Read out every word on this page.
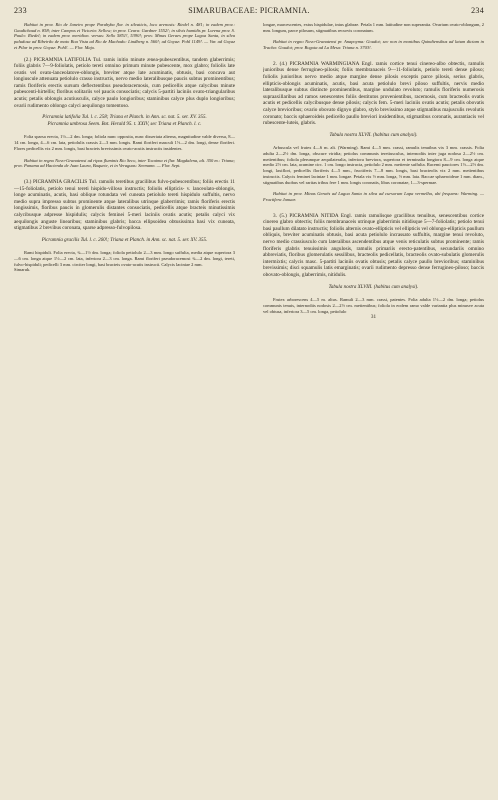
233	SIMARUBACEAE: PICRAMNIA.	234

Habitat in prov. Rio de Janeiro prope Parahyba flor. in silvaticis, loco arenosis: Riedel n. 481; in eadem prov.: Gaudichaud n. 858; inter Campos et Victoria: Sellow; in prov. Ceara: Gardner 1552!; in silvis humidis pr. Lorena prov. S. Paulo: Riedel; in eadem prov. meridion. versus: Sello 5851!, 5390!; prov. Minas Geraes prope Lagoa Santa, in silva paludosa ad Ribeirão de mato Boa Vista ad Rio de Machado: Lindberg n. 560!; ad Goyaz: Pohl 1149!. — Var. ad Goyaz et Pilar in prov. Goyaz: Pohl!. — Flor. Majo.

(2.) PICRAMNIA LATIFOLIA Tul. ramis initio minute ænea-pubescentibus, tandem glaberrimis; foliis glabris 7—9-foliolatis, petiolo tereti omnino primum minute pubescente, mox glabro; foliolis late ovatis vel ovato-lanceolatove-oblongis, breviter atque late acuminatis, obtusis, basi concava aut longiuscule attenuata petiolulo crasso instructis, nervo medio lateralibusque paucis subtus prominentibus; ramis floriferis erectis sursum deflectentibus pseudoracemosis, cum pedicellis atque calycibus minute pubescenti-hirtellis; floribus solitariis vel paucis consociatis; calycis 5-partiti laciniis ovato-triangularibus acutis; petalis oblongis acutiusculis, calyce paulo longioribus; staminibus calyce plus duplo longioribus; ovarii rudimento oblongo calyci aequilongo tomentoso.

Picramnia latifolia Tul. l. c. 258; Triana et Planch. in Ann. sc. nat. 5. ser. XV. 355.

Picramnia umbrosa Seem. Bot. Herald 95. t. XXIV, sec Triana et Planch. l. c.

Folia sparsa erecta, 1½—2 dm. longa; foliola nunc opposita, nunc disseriata alterna, magnitudine valde diversa, 8—14 cm. longa, 4—6 cm. lata, petiolulis crassis 2—3 mm. longis. Rami floriferi masculi 1½—2 dm. longi, dense floriferi. Flores pedicellis vix 2 mm. longis, basi bracteis brevissimis ovato-acutis instructis insidentes.

Habitat in regno Novo-Granatensi ad ripas fluminis Rio Seco, inter Tocaima et flur. Magdalena, alt. 350 m.: Triana; prov. Panama ad Hacienda de Juan Laura, Baquete, et in Veraguas: Seemann. — Flor. Sept.

(3.) PICRAMNIA GRACILIS Tul. ramulis teretibus gracilibus fulvo-pubescentibus; foliis erectis 11—15-foliolatis, petiolo tenui tereti hispido-villoso instructis; foliolis ellipticis- v. lanceolato-oblongis, longe acuminatis, acutis, basi oblique rotundata vel cuneata petiolulo tereti hispidulo suffultis, nervo medio supra impresso subtus prominente atque lateralibus utrinque glaberrimis; ramis floriferis erectis longissimis, floribus paucis in glomerulis distantes consociatis, pedicellis atque bracteis minutissimis calycibusque adpresse hispidulis; calycis feminei 5-meri laciniis ovatis acutis; petalis calyci vix aequilongis anguste linearibus; staminibus glabris; bacca ellipsoidea obtusissima basi vix cuneata, stigmatibus 2 brevibus coronata, sparse adpresso-fulvopilosa.

Picramnia gracilis Tul. l. c. 260!; Triana et Planch. in Ann. sc. nat. 5. ser. XV. 355.

Rami hispiduli. Folia erecta, ¾—1½ dm. longa; foliola petiolulo 2—3 mm. longo suffulta, media atque superiora 3—6 cm. longa atque 1½—2 cm. lata, inferiora 2—3 cm. longa. Rami floriferi pseudoracemosi ¾—2 dm. longi, tereti, fulvo-hispiduli; pedicelli 3 mm. circiter longi, basi bracteis ovato-acutis instructi. Calycis laciniae 2 mm.

Simaruk.

longae, marcescentes, extus hispidulae, intus glabrae. Petala 1 mm. latitudine non superantia. Ovarium ovato-oblongum, 2 mm. longum, parce pilosum, stigmatibus recurvis coronatum.

Habitat in regno Novo-Granatensi pr. Anapoyma: Goudot; sec non in montibus Quindiensibus ad latum dictam in Tracha: Goudot; prov. Bogota ad La Mesa: Triana n. 3703!.

2. (4.) PICRAMNIA WARMINGIANA Engl. ramis cortice tenui cinereo-albo obtectis, ramulis junioribus dense ferrugineo-pilosis; foliis membranaceis 9—11-foliolatis, petiolo tereti dense piloso; foliolis junioribus nervo medio atque margine dense pilosis exceptis parce pilosis, serius glabris, ellipticis-oblongis acuminatis, acutis, basi acuta petiolulo brevi piloso suffultis, nervis medio lateralibusque subtus distincte prominentibus, margine undulato revoluto; ramulis floriferis numerosis supraaxillaribus ad ramos senescentes foliis destitutos provenientibus, racemosis, cum bracteolis ovatis acutis et pedicellis calycibusque dense pilosis; calycis fem. 5-meri laciniis ovatis acutis; petalis obovatis calyce brevioribus; ovario obovato dignyo glabro, stylo brevissimo atque stigmatibus majusculis revolutis coronato; baccis sphaeroideis pedicello paullo breviori insidentibus, stigmatibus coronatis, aurantiacis vel rubescente-luteis, glabris.

Tabula nostra XLVII. (habitus cum analysi).

Arbuscula vel frutex 4—6 m. alt. (Warming). Rami 4—5 mm. crassi, ramulis tenuibus vix 3 mm. crassis. Folia adulta 2—2½ dm. longa, obscure viridia; petiolus communis teretiusculus, internodiis inter juga nodosa 2—2½ cm. metientibus; foliola plerumque aequilateralia, inferiora breviora, superiora et terminalia longiora 8—9 cm. longa atque medio 2½ cm. lata, acumine circ. 1 cm. longo instructa, petiolulo 2 mm. metiente suffulta. Racemi pauciores 1½—2½ dm. longi, laxiflori, pedicellis floriferis 4—5 mm., fructiferis 7—8 mm. longis, basi bracteolis vix 2 mm. metientibus instructis. Calycis feminei laciniae 1 mm. longae. Petala vix ½ mm. longa, ½ mm. lata. Baccae sphaeroideae 1 mm. diam., stigmatibus duobus vel raritas tribus fere 1 mm. longis coronatis, libus coronatae, 1—3-spermae.

Habitat in prov. Minas Geraës ad Lagoa Santa in silva ad cursorum Lapa vermelha, ubi frequens: Warming. — Fructifera Januar.

3. (5.) PICRAMNIA NITIDA Engl. ramis ramulisque gracilibus tenuibus, senescentibus cortice cinereo glabro obtectis; foliis membranaceis utrinque glaberrimis nitidisque 5—7-foliolatis; petiolo tenui basi paullum dilatato instructis; foliolis alternis ovato-ellipticis vel ellipticis vel oblongo-ellipticis paullum obliquis, breviter acuminatis obtusis, basi acuta petiolulo incrassato suffultis, margine tenui revoluto, nervo medio crassiusculo cum lateralibus ascendentibus atque venis reticulatis subtus prominente; ramis floriferis glabris tenuissimis angulosis, ramulis primariis erecto-patentibus, secundariis omnino abbreviatis, floribus glomerulatis sessilibus, bracteolis pedicellatis, bracteolis ovato-subulatis glomerulis intermixtis; calycis masc. 5-partiti laciniis ovatis obtusis; petalis calyce paullo brevioribus; staminibus brevissimis; disci squamulis latis emarginatis; ovarii rudimento depresso dense ferrugineo-piloso; baccis obovato-oblongis, glaberrimis, nitidulis.

Tabula nostra XLVIII. (habitus cum analysi).

Frutex arborescens 4—5 m. altus. Ramuli 2—3 mm. crassi, patentes. Folia adulta 1½—2 dm. longa; petiolus communis tenuis, internodiis nodosis 2—2½ cm. metientibus; foliola in eodem ramo valde variantia plus minusve acuta vel obtusa, inferiora 3—5 cm. longa, petiolulo

31
